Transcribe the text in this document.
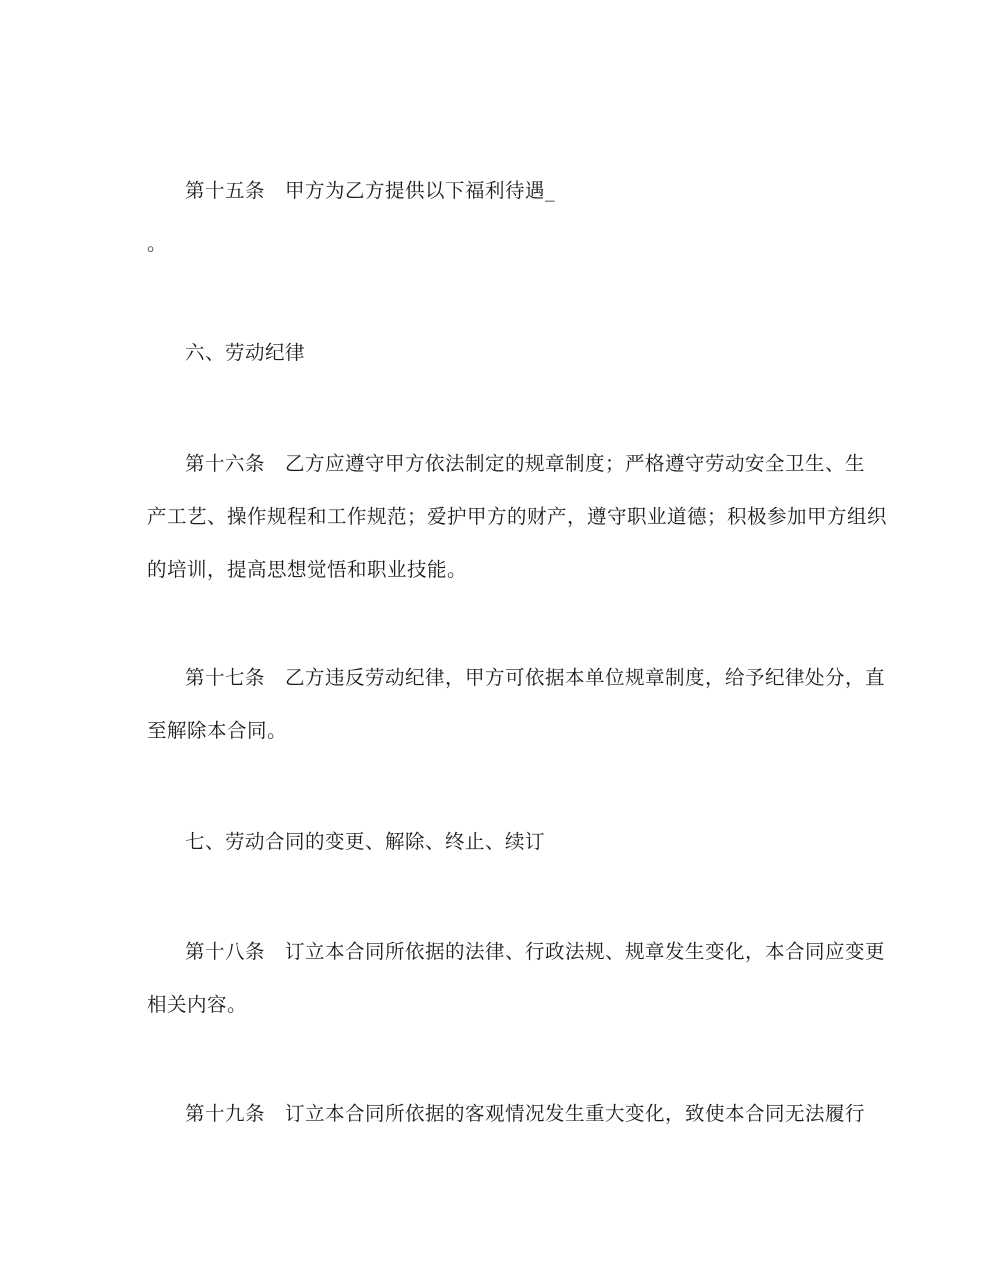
第十五条　甲方为乙方提供以下福利待遇_
。
六、劳动纪律
第十六条　乙方应遵守甲方依法制定的规章制度；严格遵守劳动安全卫生、生
产工艺、操作规程和工作规范；爱护甲方的财产，遵守职业道德；积极参加甲方组织
的培训，提高思想觉悟和职业技能。
第十七条　乙方违反劳动纪律，甲方可依据本单位规章制度，给予纪律处分，直
至解除本合同。
七、劳动合同的变更、解除、终止、续订
第十八条　订立本合同所依据的法律、行政法规、规章发生变化，本合同应变更
相关内容。
第十九条　订立本合同所依据的客观情况发生重大变化，致使本合同无法履行
